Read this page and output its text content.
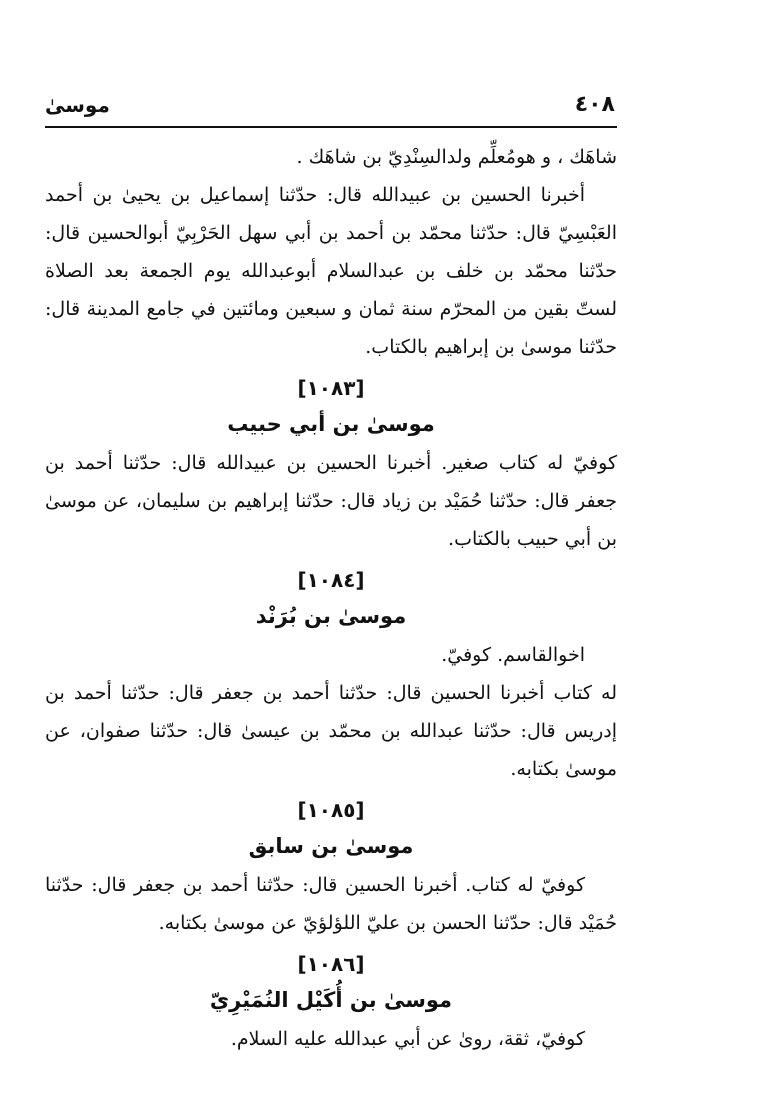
٤٠٨
موسىٰ

شاهَك ، و هومُعلِّم ولدالسِنْدِيّ بن شاهَك .

أخبرنا الحسين بن عبيدالله قال: حدّثنا إسماعيل بن يحيىٰ بن أحمد العَبْسِيّ قال: حدّثنا محمّد بن أحمد بن أبي سهل الحَرْبِيّ أبوالحسين قال: حدّثنا محمّد بن خلف بن عبدالسلام أبوعبدالله يوم الجمعة بعد الصلاة لستّ بقين من المحرّم سنة ثمان و سبعين ومائتين في جامع المدينة قال: حدّثنا موسىٰ بن إبراهيم بالكتاب.

[١٠٨٣]
موسىٰ بن أبي حبيب

كوفيّ له كتاب صغير. أخبرنا الحسين بن عبيدالله قال: حدّثنا أحمد بن جعفر قال: حدّثنا حُمَيْد بن زياد قال: حدّثنا إبراهيم بن سليمان، عن موسىٰ بن أبي حبيب بالكتاب.

[١٠٨٤]
موسىٰ بن بُرَنْد

اخوالقاسم. كوفيّ.

له كتاب أخبرنا الحسين قال: حدّثنا أحمد بن جعفر قال: حدّثنا أحمد بن إدريس قال: حدّثنا عبدالله بن محمّد بن عيسىٰ قال: حدّثنا صفوان، عن موسىٰ بكتابه.

[١٠٨٥]
موسىٰ بن سابق

كوفيّ له كتاب. أخبرنا الحسين قال: حدّثنا أحمد بن جعفر قال: حدّثنا حُمَيْد قال: حدّثنا الحسن بن عليّ اللؤلؤيّ عن موسىٰ بكتابه.

[١٠٨٦]
موسىٰ بن أُكَيْل النُمَيْرِيّ

كوفيّ، ثقة، روىٰ عن أبي عبدالله عليه السلام.
